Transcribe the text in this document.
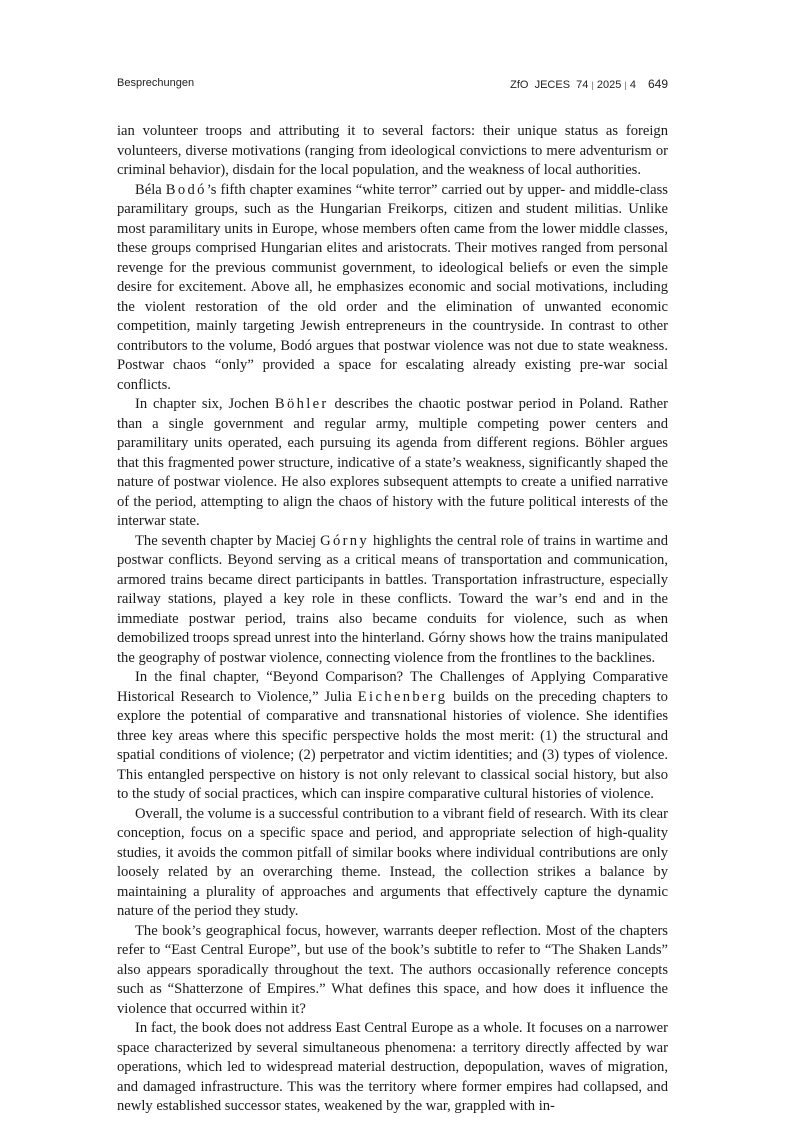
Besprechungen	ZfO JECES 74 | 2025 | 4 649

ian volunteer troops and attributing it to several factors: their unique status as foreign volunteers, diverse motivations (ranging from ideological convictions to mere adventurism or criminal behavior), disdain for the local population, and the weakness of local authorities.

Béla Bodó’s fifth chapter examines “white terror” carried out by upper- and middle-class paramilitary groups, such as the Hungarian Freikorps, citizen and student militias. Unlike most paramilitary units in Europe, whose members often came from the lower middle classes, these groups comprised Hungarian elites and aristocrats. Their motives ranged from personal revenge for the previous communist government, to ideological beliefs or even the simple desire for excitement. Above all, he emphasizes economic and social motivations, including the violent restoration of the old order and the elimination of unwanted economic competition, mainly targeting Jewish entrepreneurs in the countryside. In contrast to other contributors to the volume, Bodó argues that postwar violence was not due to state weakness. Postwar chaos “only” provided a space for escalating already existing pre-war social conflicts.

In chapter six, Jochen Böhler describes the chaotic postwar period in Poland. Rather than a single government and regular army, multiple competing power centers and paramilitary units operated, each pursuing its agenda from different regions. Böhler argues that this fragmented power structure, indicative of a state’s weakness, significantly shaped the nature of postwar violence. He also explores subsequent attempts to create a unified narrative of the period, attempting to align the chaos of history with the future political interests of the interwar state.

The seventh chapter by Maciej Górny highlights the central role of trains in wartime and postwar conflicts. Beyond serving as a critical means of transportation and communication, armored trains became direct participants in battles. Transportation infrastructure, especially railway stations, played a key role in these conflicts. Toward the war’s end and in the immediate postwar period, trains also became conduits for violence, such as when demobilized troops spread unrest into the hinterland. Górny shows how the trains manipulated the geography of postwar violence, connecting violence from the frontlines to the backlines.

In the final chapter, “Beyond Comparison? The Challenges of Applying Comparative Historical Research to Violence,” Julia Eichenberg builds on the preceding chapters to explore the potential of comparative and transnational histories of violence. She identifies three key areas where this specific perspective holds the most merit: (1) the structural and spatial conditions of violence; (2) perpetrator and victim identities; and (3) types of violence. This entangled perspective on history is not only relevant to classical social history, but also to the study of social practices, which can inspire comparative cultural histories of violence.

Overall, the volume is a successful contribution to a vibrant field of research. With its clear conception, focus on a specific space and period, and appropriate selection of high-quality studies, it avoids the common pitfall of similar books where individual contributions are only loosely related by an overarching theme. Instead, the collection strikes a balance by maintaining a plurality of approaches and arguments that effectively capture the dynamic nature of the period they study.

The book’s geographical focus, however, warrants deeper reflection. Most of the chapters refer to “East Central Europe”, but use of the book’s subtitle to refer to “The Shaken Lands” also appears sporadically throughout the text. The authors occasionally reference concepts such as “Shatterzone of Empires.” What defines this space, and how does it influence the violence that occurred within it?

In fact, the book does not address East Central Europe as a whole. It focuses on a narrower space characterized by several simultaneous phenomena: a territory directly affected by war operations, which led to widespread material destruction, depopulation, waves of migration, and damaged infrastructure. This was the territory where former empires had collapsed, and newly established successor states, weakened by the war, grappled with in-
